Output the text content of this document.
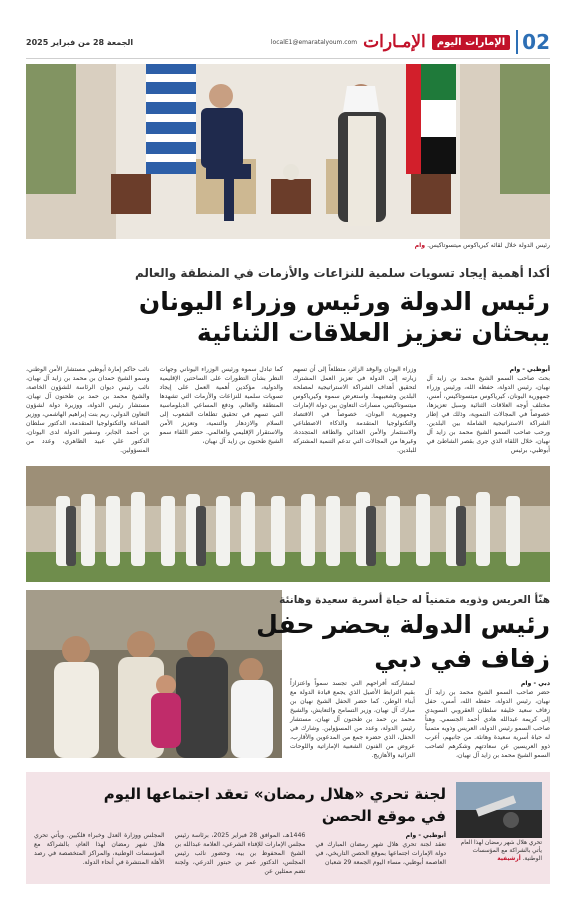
الجمعة 28 من فبراير 2025	localE1@emaratalyoum.com الإمـارات	الإمارات اليوم 02
رئيس الدولة خلال لقائه كيرياكوس ميتسوتاكيس. وام
أكدا أهمية إيجاد تسويات سلمية للنزاعات والأزمات في المنطقة والعالم
رئيس الدولة ورئيس وزراء اليونان
يبحثان تعزيز العلاقات الثنائية
أبوظبي - وام
بحث صاحب السمو الشيخ محمد بن زايد آل نهيان، رئيس الدولة، حفظه الله، ورئيس وزراء جمهورية اليونان، كيرياكوس ميتسوتاكيس، أمس، مختلف أوجه العلاقات الثنائية وسبل تعزيزها، خصوصاً في المجالات التنموية، وذلك في إطار الشراكة الاستراتيجية الشاملة بين البلدين. ورحب صاحب السمو الشيخ محمد بن زايد آل نهيان، خلال اللقاء الذي جرى بقصر الشاطئ في أبوظبي، برئيس
وزراء اليونان والوفد الزائر، متطلعاً إلى أن تسهم زيارته إلى الدولة في تعزيز العمل المشترك لتحقيق أهداف الشراكة الاستراتيجية لمصلحة البلدين وشعبيهما. واستعرض سموه وكيرياكوس ميتسوتاكيس، مسارات التعاون بين دولة الإمارات وجمهورية اليونان، خصوصاً في الاقتصاد والتكنولوجيا المتقدمة والذكاء الاصطناعي والاستثمار والأمن الغذائي والطاقة المتجددة، وغيرها من المجالات التي تدعم التنمية المشتركة للبلدين.
كما تبادل سموه ورئيس الوزراء اليوناني وجهات النظر بشأن التطورات على الساحتين الإقليمية والدولية، مؤكدين أهمية العمل على إيجاد تسويات سلمية للنزاعات والأزمات التي تشهدها المنطقة والعالم، ودفع المساعي الدبلوماسية التي تسهم في تحقيق تطلعات الشعوب إلى السلام والازدهار والتنمية، وتعزيز الأمن والاستقرار الإقليمي والعالمي. حضر اللقاء سمو الشيخ طحنون بن زايد آل نهيان،
نائب حاكم إمارة أبوظبي مستشار الأمن الوطني، وسمو الشيخ حمدان بن محمد بن زايد آل نهيان، نائب رئيس ديوان الرئاسة للشؤون الخاصة، والشيخ محمد بن حمد بن طحنون آل نهيان، مستشار رئيس الدولة، ووزيرة دولة لشؤون التعاون الدولي، ريم بنت إبراهيم الهاشمي، ووزير الصناعة والتكنولوجيا المتقدمة، الدكتور سلطان بن أحمد الجابر، وسفير الدولة لدى اليونان، الدكتور علي عبيد الظاهري، وعدد من المسؤولين.
هنّأ العريس وذويه متمنياً له حياة أسرية سعيدة وهانئة
رئيس الدولة يحضر حفل
زفاف في دبي
دبي - وام
حضر صاحب السمو الشيخ محمد بن زايد آل نهيان، رئيس الدولة، حفظه الله، أمس، حفل زفاف سعيد خليفة سلطان العقروبي السويدي إلى كريمة عبدالله هادي أحمد الجسمي. وهنأ صاحب السمو رئيس الدولة، العريس وذويه متمنياً له حياة أسرية سعيدة وهانئة. من جانبهم، أعرب ذوو العريسين عن سعادتهم وشكرهم لصاحب السمو الشيخ محمد بن زايد آل نهيان،
لمشاركته أفراحهم التي تجسد سمواً واعتزازاً بقيم الترابط الأصيل الذي يجمع قيادة الدولة مع أبناء الوطن. كما حضر الحفل الشيخ نهيان بن مبارك آل نهيان، وزير التسامح والتعايش، والشيخ محمد بن حمد بن طحنون آل نهيان، مستشار رئيس الدولة، وعدد من المسؤولين. وشارك في الحفل، الذي حضره جمع من المدعوين والأقارب، عروض من الفنون الشعبية الإماراتية واللوحات التراثية والأهازيج.
تحري هلال شهر رمضان لهذا العام يأتي بالشراكة مع المؤسسات الوطنية. أرشيفية
لجنة تحري «هلال رمضان» تعقد اجتماعها اليوم
في موقع الحصن
أبوظبي - وام
تعقد لجنة تحري هلال شهر رمضان المبارك في دولة الإمارات اجتماعها بموقع الحصن التاريخي، في العاصمة أبوظبي، مساء اليوم الجمعة 29 شعبان
1446هـ، الموافق 28 فبراير 2025، برئاسة رئيس مجلس الإمارات للإفتاء الشرعي، العلامة عبدالله بن الشيخ المحفوظ بن بيه، وحضور نائب رئيس المجلس، الدكتور عمر بن حبتور الدرعي، ولجنة تضم ممثلين عن
المجلس ووزارة العدل وخبراء فلكيين. ويأتي تحري هلال شهر رمضان لهذا العام، بالشراكة مع المؤسسات الوطنية، والمراكز المتخصصة في رصد الأهلة المنتشرة في أنحاء الدولة.
